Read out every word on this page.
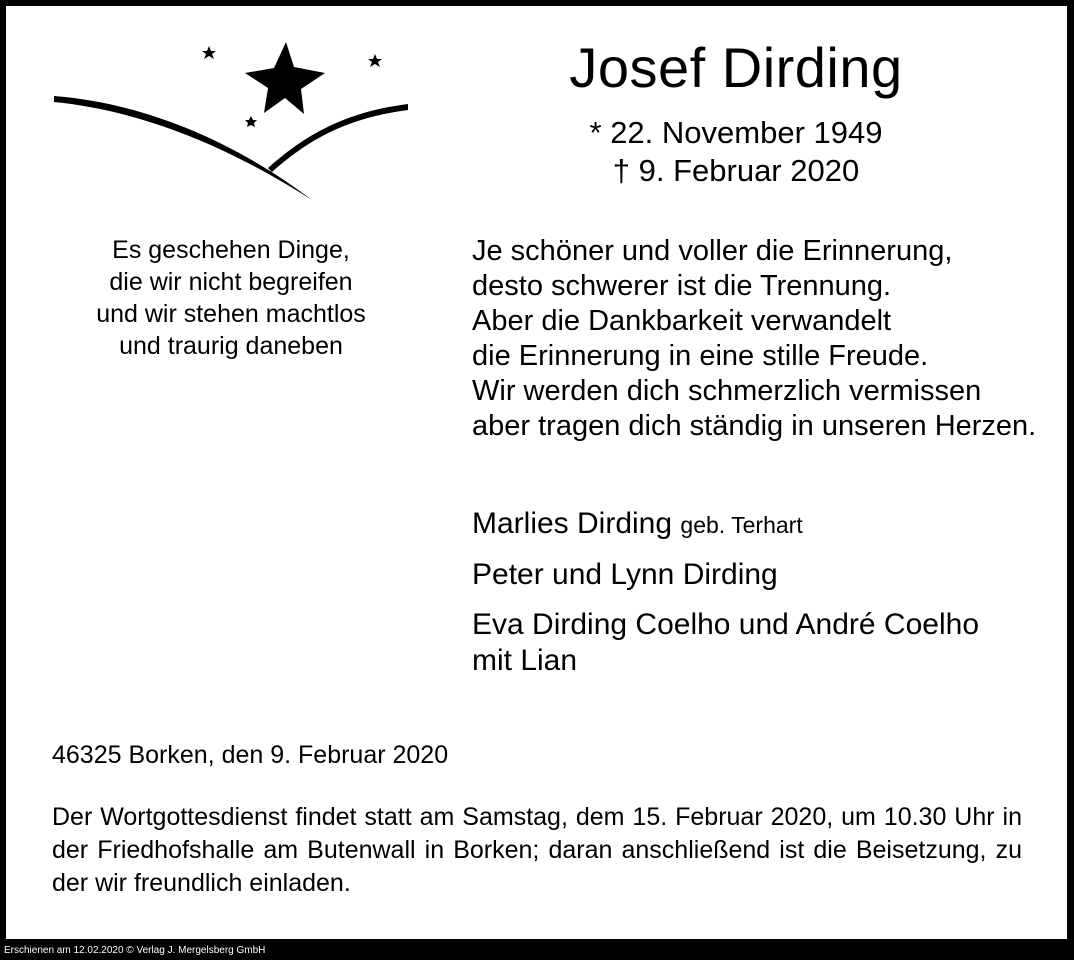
Josef Dirding
* 22. November 1949
† 9. Februar 2020
Es geschehen Dinge,
die wir nicht begreifen
und wir stehen machtlos
und traurig daneben
Je schöner und voller die Erinnerung,
desto schwerer ist die Trennung.
Aber die Dankbarkeit verwandelt
die Erinnerung in eine stille Freude.
Wir werden dich schmerzlich vermissen
aber tragen dich ständig in unseren Herzen.
Marlies Dirding geb. Terhart
Peter und Lynn Dirding
Eva Dirding Coelho und André Coelho
mit Lian
46325 Borken, den 9. Februar 2020
Der Wortgottesdienst findet statt am Samstag, dem 15. Februar 2020, um 10.30 Uhr in der Friedhofshalle am Butenwall in Borken; daran anschließend ist die Beisetzung, zu der wir freundlich einladen.
Erschienen am 12.02.2020 © Verlag J. Mergelsberg GmbH
